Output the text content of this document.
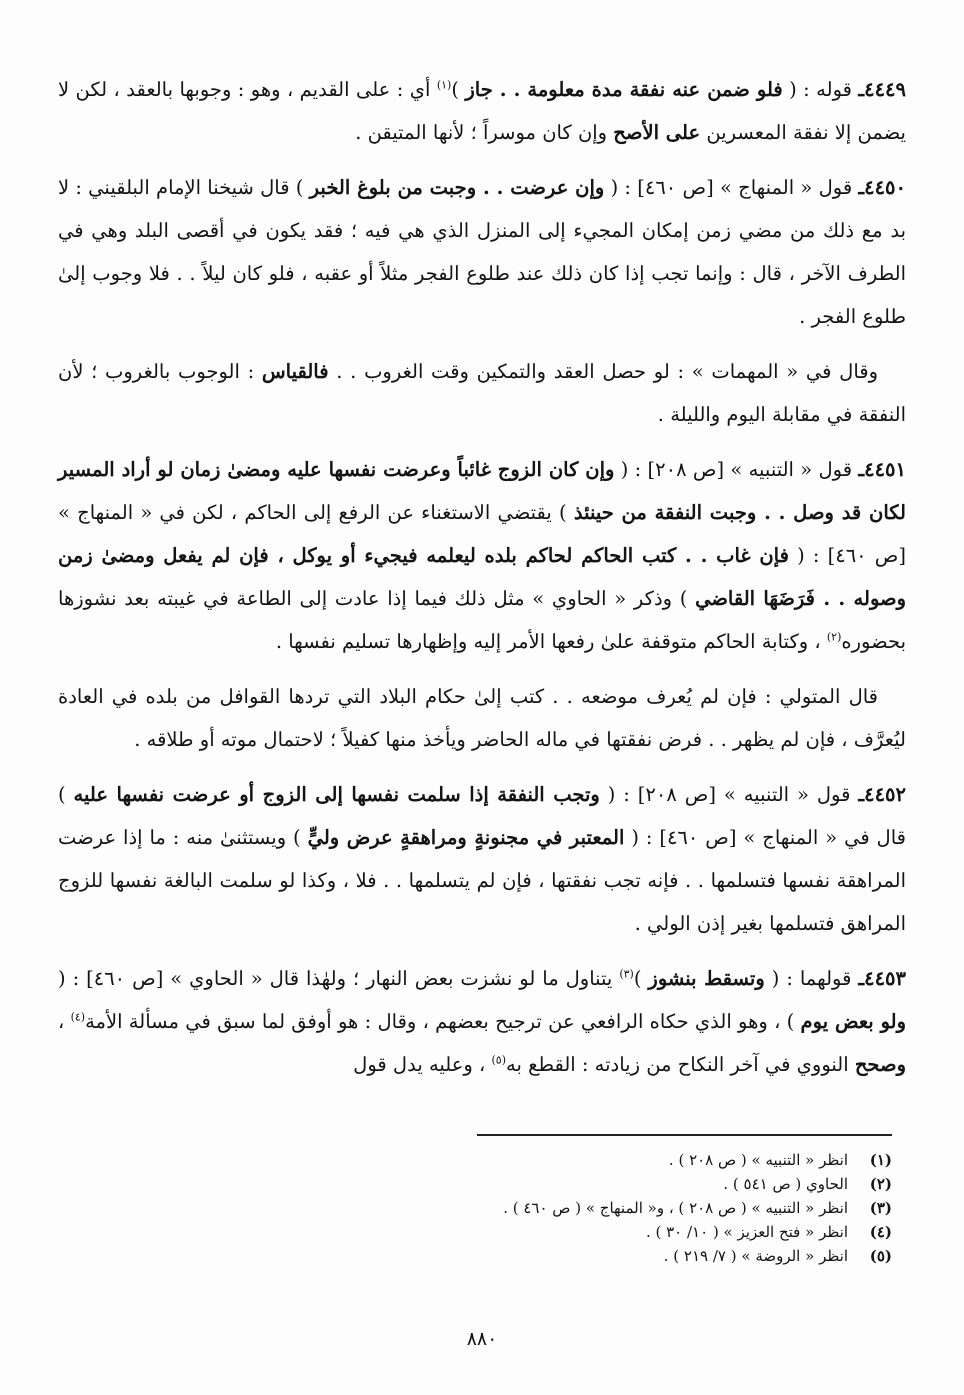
٤٤٤٩ـ قوله : ( فلو ضمن عنه نفقة مدة معلومة . . جاز )$^{(١)}$ أي : على القديم ، وهو : وجوبها بالعقد ، لكن لا يضمن إلا نفقة المعسرين على الأصح وإن كان موسراً ؛ لأنها المتيقن .

٤٤٥٠ـ قول « المنهاج » [ص ٤٦٠] : ( وإن عرضت . . وجبت من بلوغ الخبر ) قال شيخنا الإمام البلقيني : لا بد مع ذلك من مضي زمن إمكان المجيء إلى المنزل الذي هي فيه ؛ فقد يكون في أقصى البلد وهي في الطرف الآخر ، قال : وإنما تجب إذا كان ذلك عند طلوع الفجر مثلاً أو عقبه ، فلو كان ليلاً . . فلا وجوب إلىٰ طلوع الفجر .

وقال في « المهمات » : لو حصل العقد والتمكين وقت الغروب . . فالقياس : الوجوب بالغروب ؛ لأن النفقة في مقابلة اليوم والليلة .

٤٤٥١ـ قول « التنبيه » [ص ٢٠٨] : ( وإن كان الزوج غائباً وعرضت نفسها عليه ومضىٰ زمان لو أراد المسير لكان قد وصل . . وجبت النفقة من حينئذ ) يقتضي الاستغناء عن الرفع إلى الحاكم ، لكن في « المنهاج » [ص ٤٦٠] : ( فإن غاب . . كتب الحاكم لحاكم بلده ليعلمه فيجيء أو يوكل ، فإن لم يفعل ومضىٰ زمن وصوله . . فَرَضَهَا القاضي ) وذكر « الحاوي » مثل ذلك فيما إذا عادت إلى الطاعة في غيبته بعد نشوزها بحضوره$^{(٢)}$ ، وكتابة الحاكم متوقفة علىٰ رفعها الأمر إليه وإظهارها تسليم نفسها .

قال المتولي : فإن لم يُعرف موضعه . . كتب إلىٰ حكام البلاد التي تردها القوافل من بلده في العادة ليُعرَّف ، فإن لم يظهر . . فرض نفقتها في ماله الحاضر ويأخذ منها كفيلاً ؛ لاحتمال موته أو طلاقه .

٤٤٥٢ـ قول « التنبيه » [ص ٢٠٨] : ( وتجب النفقة إذا سلمت نفسها إلى الزوج أو عرضت نفسها عليه ) قال في « المنهاج » [ص ٤٦٠] : ( المعتبر في مجنونةٍ ومراهقةٍ عرض وليٍّ ) ويستثنىٰ منه : ما إذا عرضت المراهقة نفسها فتسلمها . . فإنه تجب نفقتها ، فإن لم يتسلمها . . فلا ، وكذا لو سلمت البالغة نفسها للزوج المراهق فتسلمها بغير إذن الولي .

٤٤٥٣ـ قولهما : ( وتسقط بنشوز )$^{(٣)}$ يتناول ما لو نشزت بعض النهار ؛ ولهٰذا قال « الحاوي » [ص ٤٦٠] : ( ولو بعض يوم ) ، وهو الذي حكاه الرافعي عن ترجيح بعضهم ، وقال : هو أوفق لما سبق في مسألة الأمة$^{(٤)}$ ، وصحح النووي في آخر النكاح من زيادته : القطع به$^{(٥)}$ ، وعليه يدل قول

(١)
انظر « التنبيه » ( ص ٢٠٨ ) .
(٢)
الحاوي ( ص ٥٤١ ) .
(٣)
انظر « التنبيه » ( ص ٢٠٨ ) ، و« المنهاج » ( ص ٤٦٠ ) .
(٤)
انظر « فتح العزيز » ( ١٠/ ٣٠ ) .
(٥)
انظر « الروضة » ( ٧/ ٢١٩ ) .
٨٨٠
